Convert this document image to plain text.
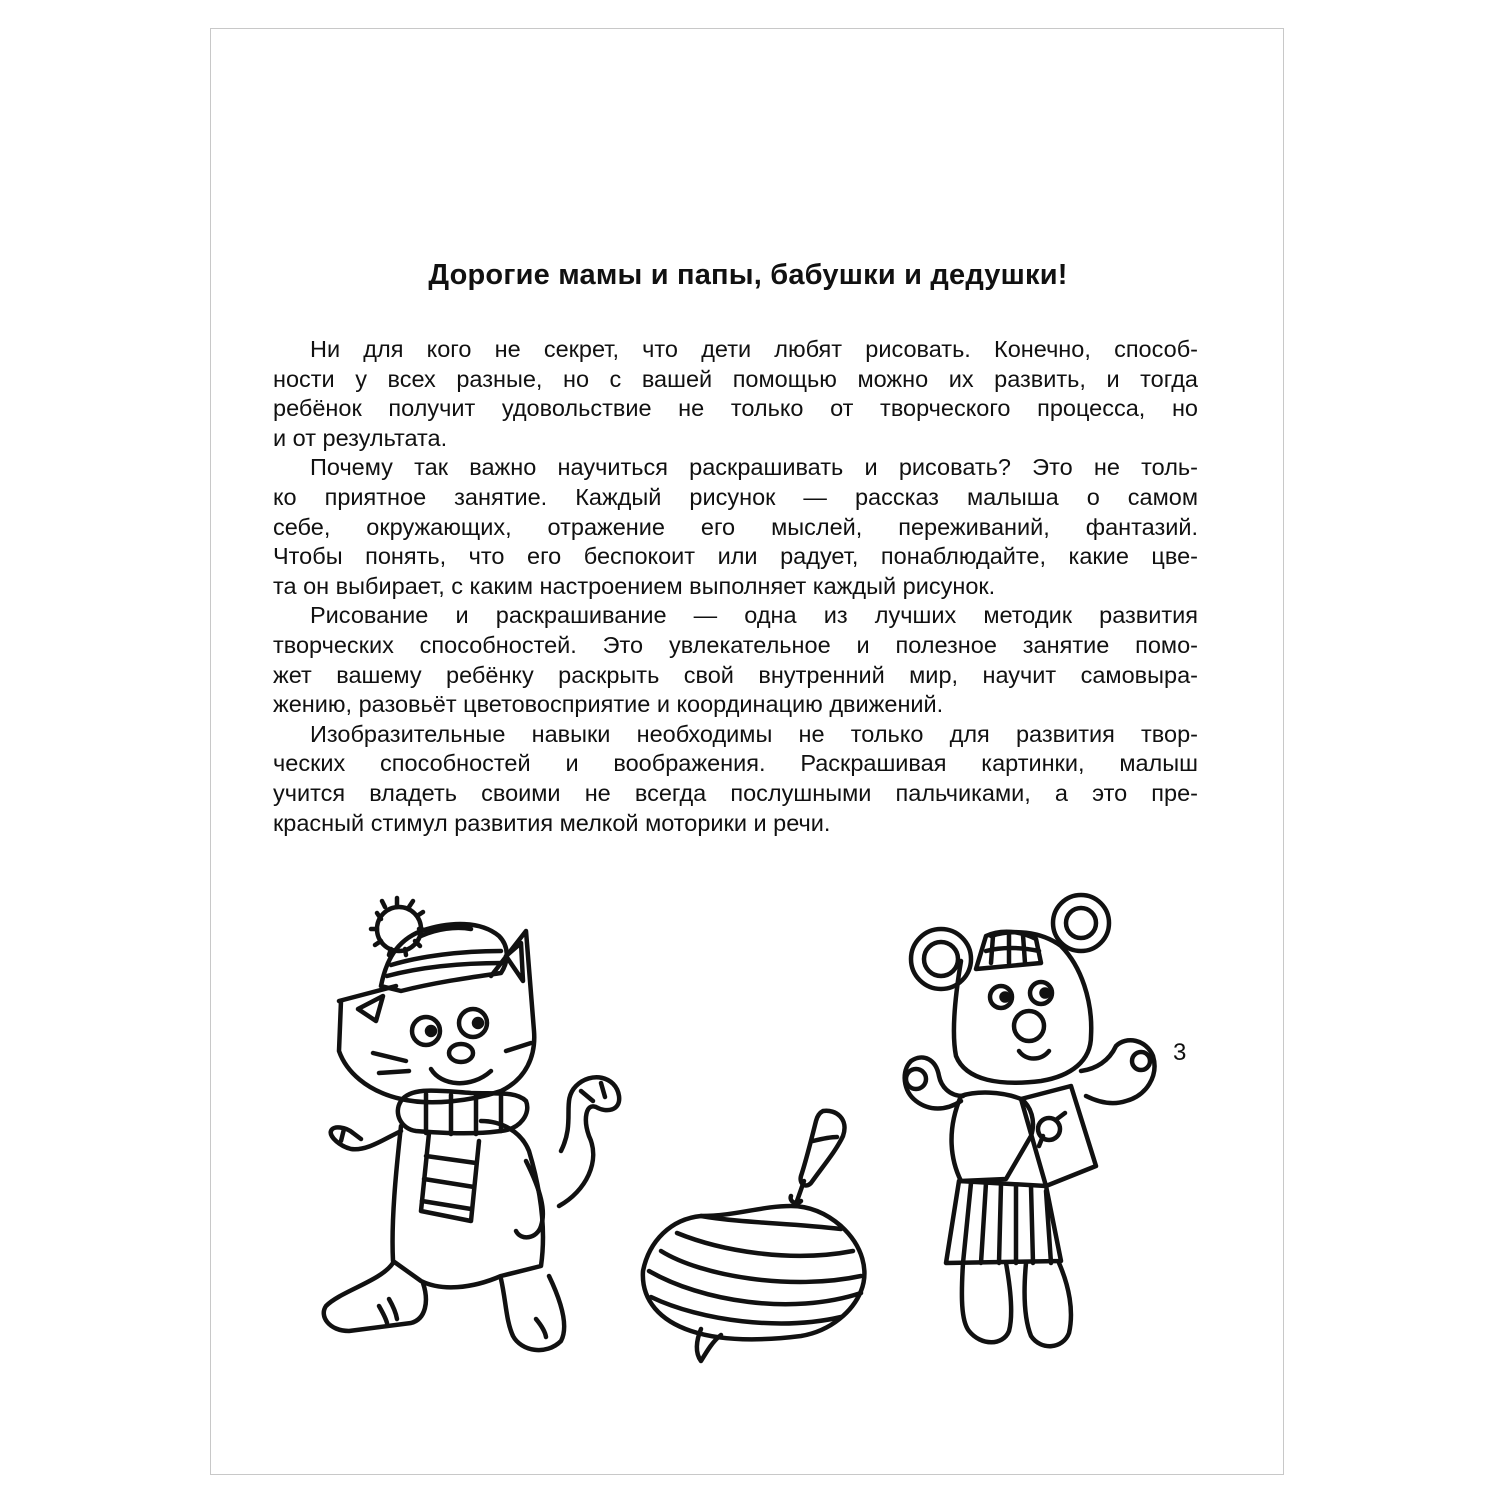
Дорогие мамы и папы, бабушки и дедушки!

Ни для кого не секрет, что дети любят рисовать. Конечно, способ-
ности у всех разные, но с вашей помощью можно их развить, и тогда
ребёнок получит удовольствие не только от творческого процесса, но
и от результата.

Почему так важно научиться раскрашивать и рисовать? Это не толь-
ко приятное занятие. Каждый рисунок — рассказ малыша о самом
себе, окружающих, отражение его мыслей, переживаний, фантазий.
Чтобы понять, что его беспокоит или радует, понаблюдайте, какие цве-
та он выбирает, с каким настроением выполняет каждый рисунок.

Рисование и раскрашивание — одна из лучших методик развития
творческих способностей. Это увлекательное и полезное занятие помо-
жет вашему ребёнку раскрыть свой внутренний мир, научит самовыра-
жению, разовьёт цветовосприятие и координацию движений.

Изобразительные навыки необходимы не только для развития твор-
ческих способностей и воображения. Раскрашивая картинки, малыш
учится владеть своими не всегда послушными пальчиками, а это пре-
красный стимул развития мелкой моторики и речи.

3
